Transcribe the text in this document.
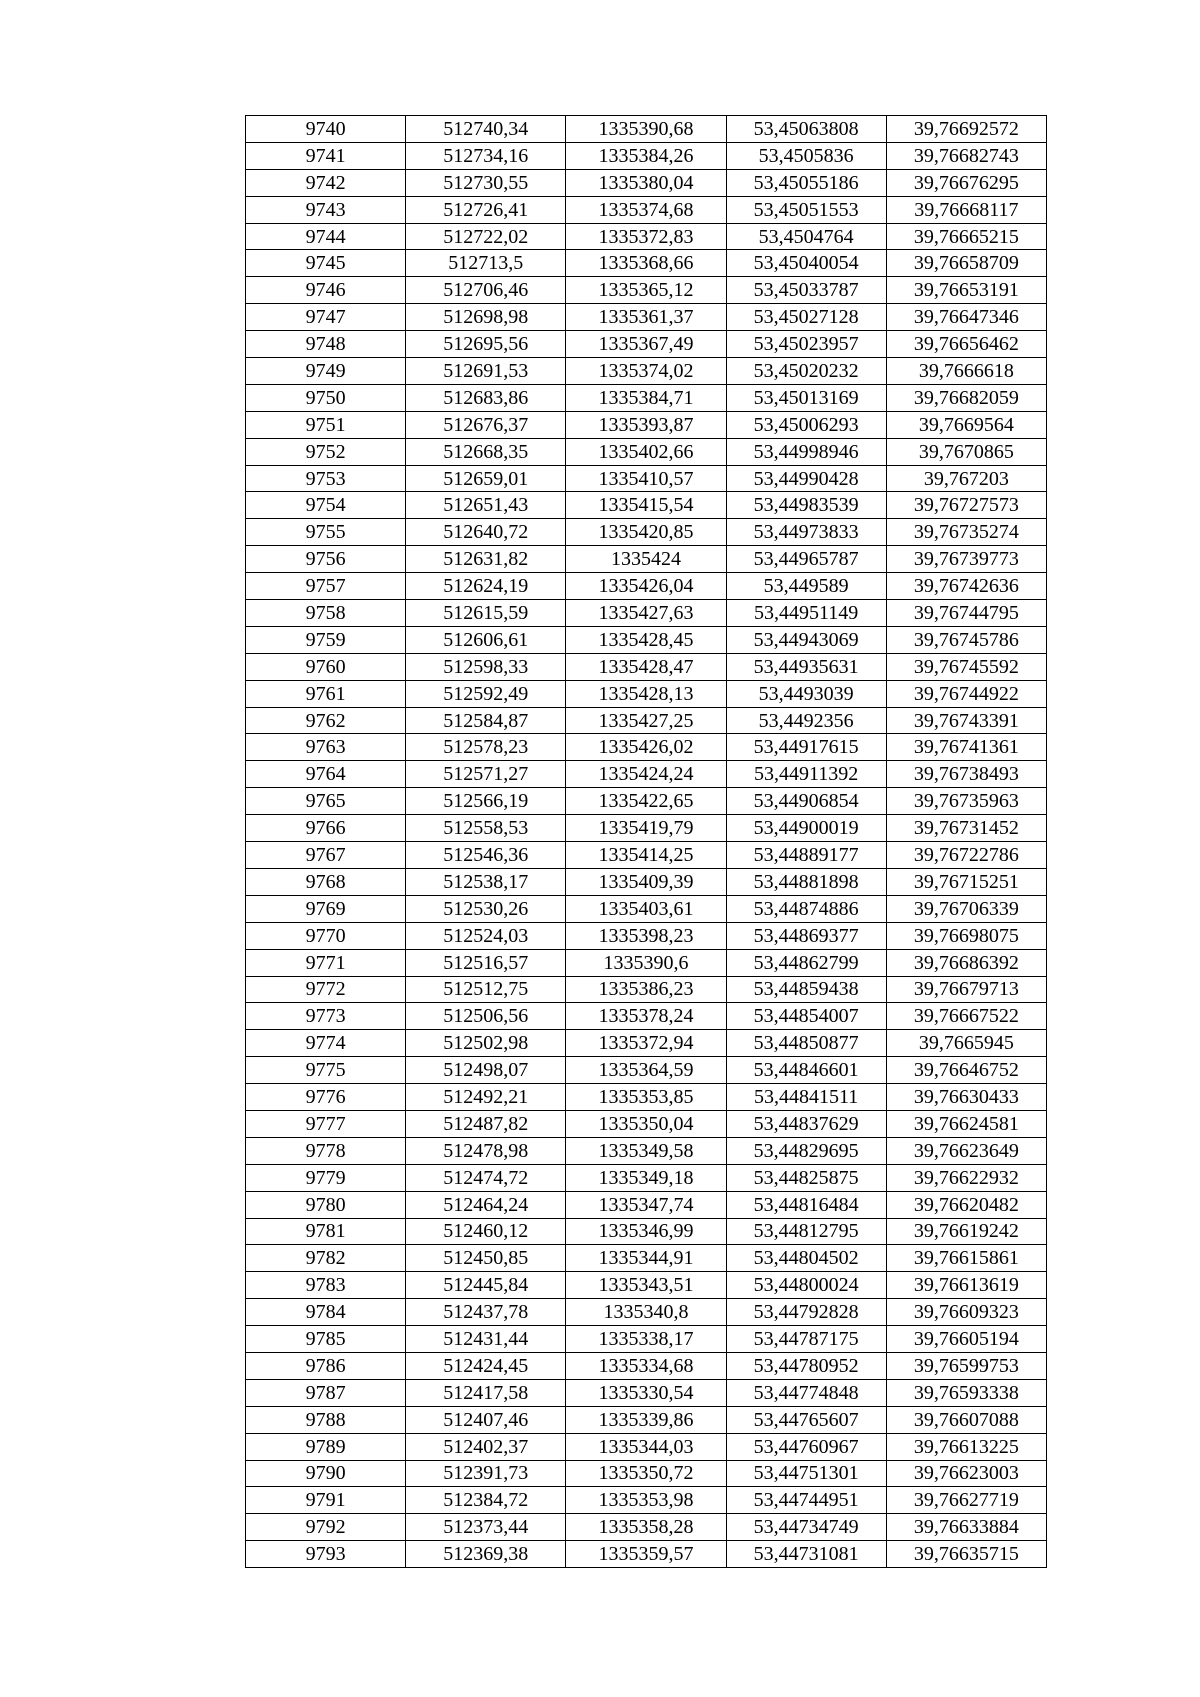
9740	512740,34	1335390,68	53,45063808	39,76692572
9741	512734,16	1335384,26	53,4505836	39,76682743
9742	512730,55	1335380,04	53,45055186	39,76676295
9743	512726,41	1335374,68	53,45051553	39,76668117
9744	512722,02	1335372,83	53,4504764	39,76665215
9745	512713,5	1335368,66	53,45040054	39,76658709
9746	512706,46	1335365,12	53,45033787	39,76653191
9747	512698,98	1335361,37	53,45027128	39,76647346
9748	512695,56	1335367,49	53,45023957	39,76656462
9749	512691,53	1335374,02	53,45020232	39,7666618
9750	512683,86	1335384,71	53,45013169	39,76682059
9751	512676,37	1335393,87	53,45006293	39,7669564
9752	512668,35	1335402,66	53,44998946	39,7670865
9753	512659,01	1335410,57	53,44990428	39,767203
9754	512651,43	1335415,54	53,44983539	39,76727573
9755	512640,72	1335420,85	53,44973833	39,76735274
9756	512631,82	1335424	53,44965787	39,76739773
9757	512624,19	1335426,04	53,449589	39,76742636
9758	512615,59	1335427,63	53,44951149	39,76744795
9759	512606,61	1335428,45	53,44943069	39,76745786
9760	512598,33	1335428,47	53,44935631	39,76745592
9761	512592,49	1335428,13	53,4493039	39,76744922
9762	512584,87	1335427,25	53,4492356	39,76743391
9763	512578,23	1335426,02	53,44917615	39,76741361
9764	512571,27	1335424,24	53,44911392	39,76738493
9765	512566,19	1335422,65	53,44906854	39,76735963
9766	512558,53	1335419,79	53,44900019	39,76731452
9767	512546,36	1335414,25	53,44889177	39,76722786
9768	512538,17	1335409,39	53,44881898	39,76715251
9769	512530,26	1335403,61	53,44874886	39,76706339
9770	512524,03	1335398,23	53,44869377	39,76698075
9771	512516,57	1335390,6	53,44862799	39,76686392
9772	512512,75	1335386,23	53,44859438	39,76679713
9773	512506,56	1335378,24	53,44854007	39,76667522
9774	512502,98	1335372,94	53,44850877	39,7665945
9775	512498,07	1335364,59	53,44846601	39,76646752
9776	512492,21	1335353,85	53,44841511	39,76630433
9777	512487,82	1335350,04	53,44837629	39,76624581
9778	512478,98	1335349,58	53,44829695	39,76623649
9779	512474,72	1335349,18	53,44825875	39,76622932
9780	512464,24	1335347,74	53,44816484	39,76620482
9781	512460,12	1335346,99	53,44812795	39,76619242
9782	512450,85	1335344,91	53,44804502	39,76615861
9783	512445,84	1335343,51	53,44800024	39,76613619
9784	512437,78	1335340,8	53,44792828	39,76609323
9785	512431,44	1335338,17	53,44787175	39,76605194
9786	512424,45	1335334,68	53,44780952	39,76599753
9787	512417,58	1335330,54	53,44774848	39,76593338
9788	512407,46	1335339,86	53,44765607	39,76607088
9789	512402,37	1335344,03	53,44760967	39,76613225
9790	512391,73	1335350,72	53,44751301	39,76623003
9791	512384,72	1335353,98	53,44744951	39,76627719
9792	512373,44	1335358,28	53,44734749	39,76633884
9793	512369,38	1335359,57	53,44731081	39,76635715
